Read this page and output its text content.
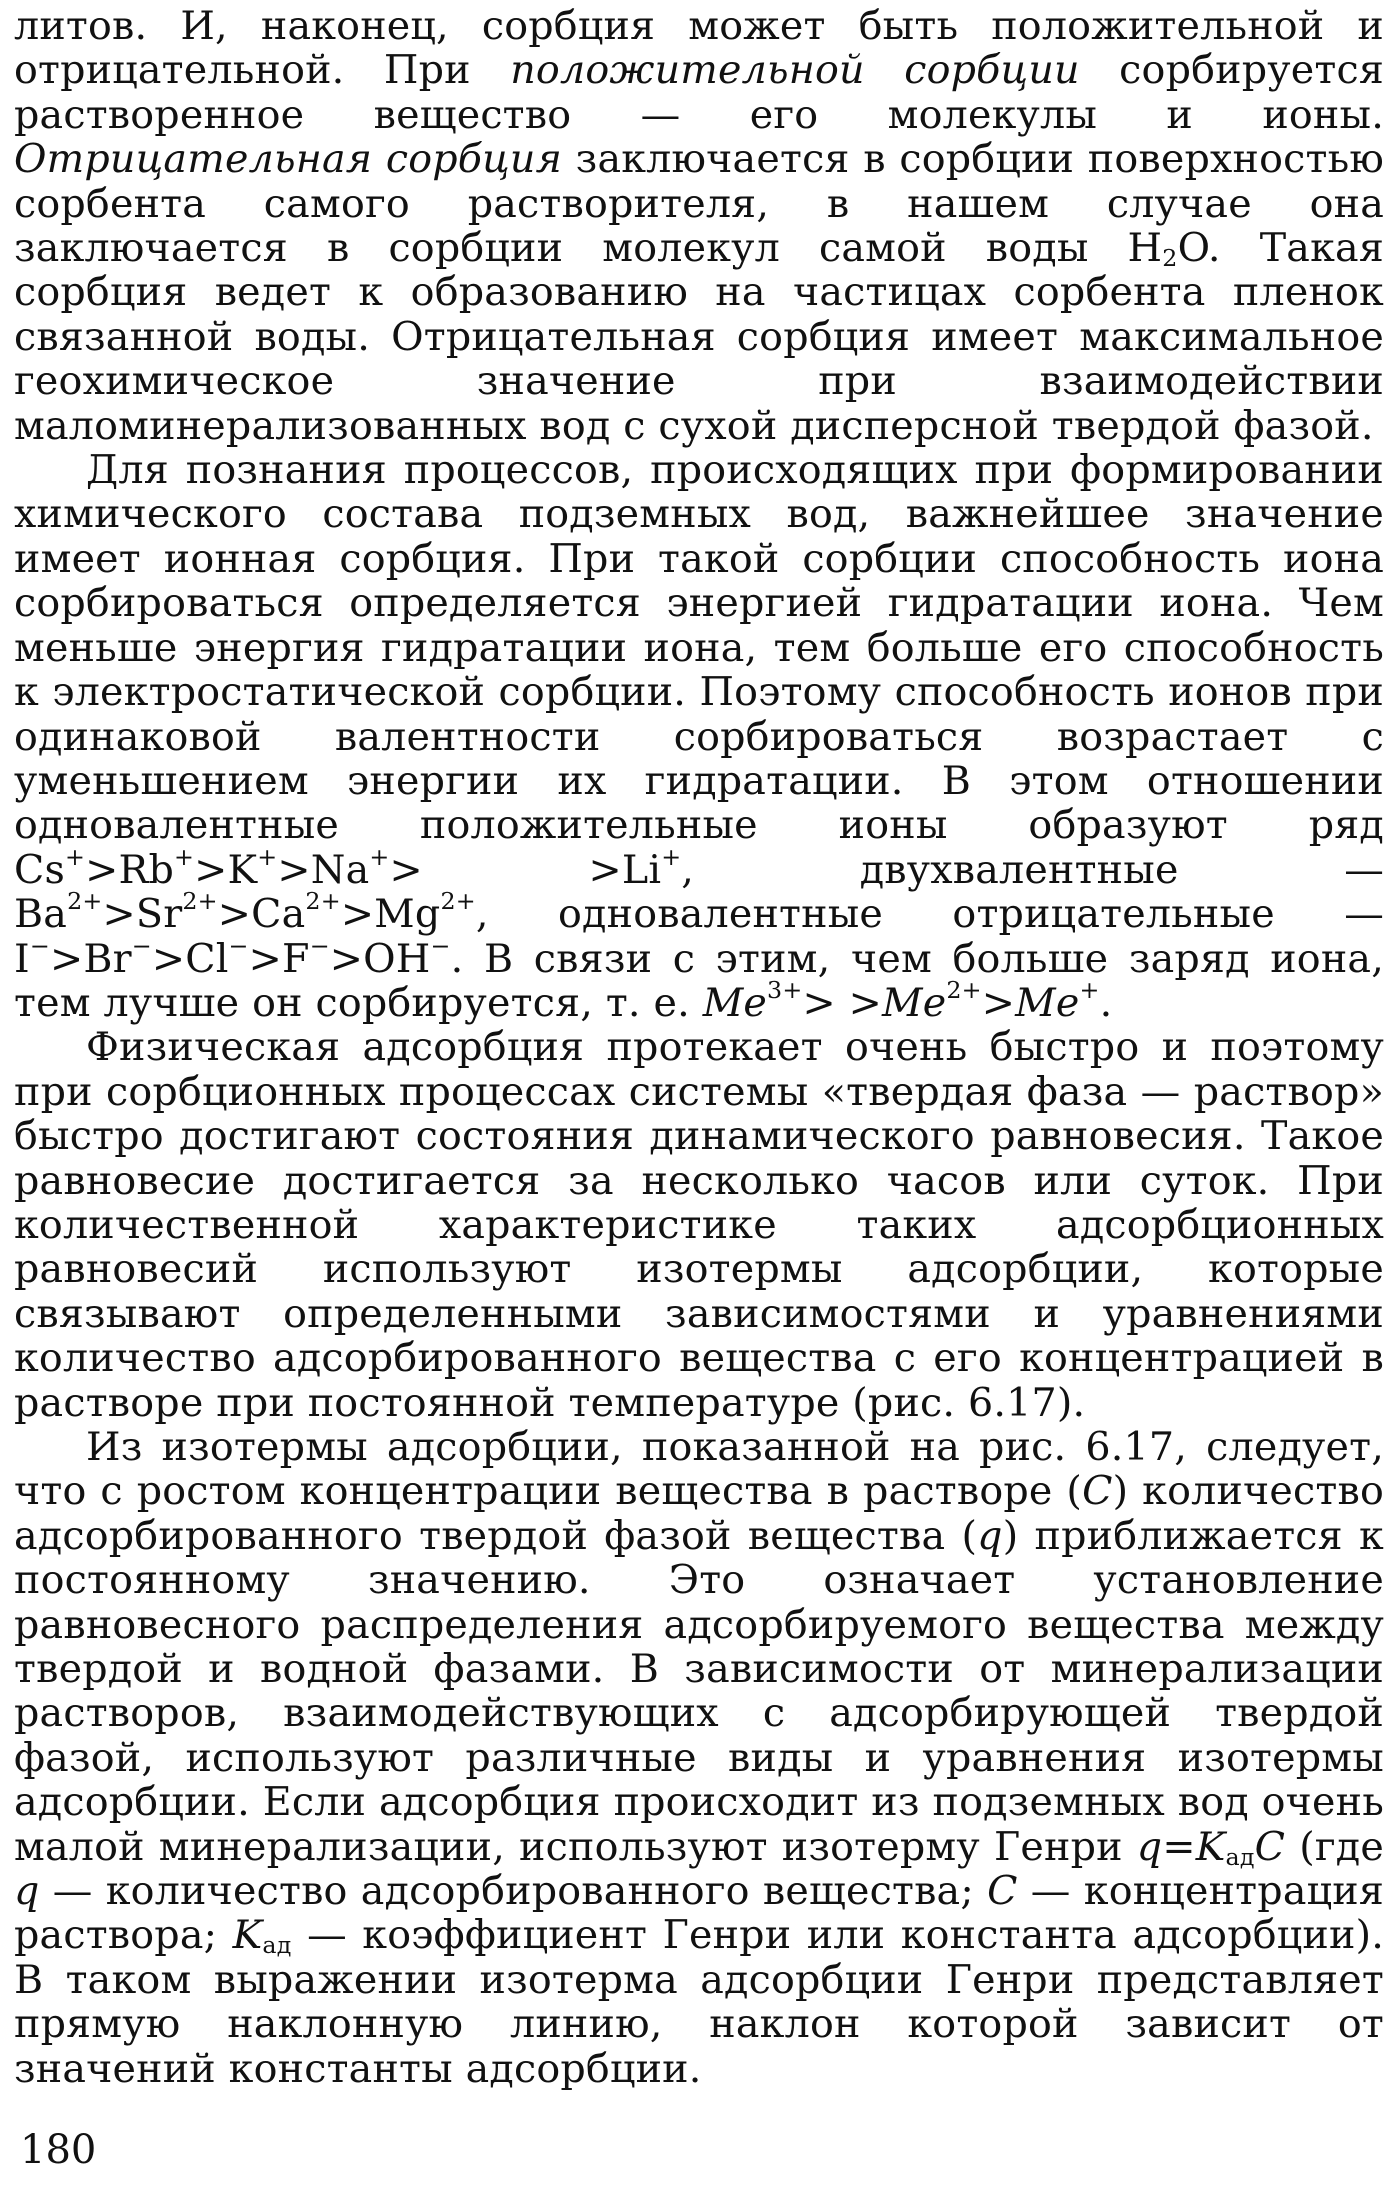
литов. И, наконец, сорбция может быть положительной и отрицательной. При положительной сорбции сорбируется растворенное вещество — его молекулы и ионы. Отрицательная сорбция заключается в сорбции поверхностью сорбента самого растворителя, в нашем случае она заключается в сорбции молекул самой воды $H_2O$. Такая сорбция ведет к образованию на частицах сорбента пленок связанной воды. Отрицательная сорбция имеет максимальное геохимическое значение при взаимодействии маломинерализованных вод с сухой дисперсной твердой фазой.

Для познания процессов, происходящих при формировании химического состава подземных вод, важнейшее значение имеет ионная сорбция. При такой сорбции способность иона сорбироваться определяется энергией гидратации иона. Чем меньше энергия гидратации иона, тем больше его способность к электростатической сорбции. Поэтому способность ионов при одинаковой валентности сорбироваться возрастает с уменьшением энергии их гидратации. В этом отношении одновалентные положительные ионы образуют ряд Cs+>Rb+>K+>Na+> >Li+, двухвалентные — $Ba^{2+}>Sr^{2+}>Ca^{2+}>Mg^{2+}$, одновалентные отрицательные — I−>Br−>Cl−>F−>OH−. В связи с этим, чем больше заряд иона, тем лучше он сорбируется, т. е. $Me^{3+}> >Me^{2+}>Me^+$.

Физическая адсорбция протекает очень быстро и поэтому при сорбционных процессах системы «твердая фаза — раствор» быстро достигают состояния динамического равновесия. Такое равновесие достигается за несколько часов или суток. При количественной характеристике таких адсорбционных равновесий используют изотермы адсорбции, которые связывают определенными зависимостями и уравнениями количество адсорбированного вещества с его концентрацией в растворе при постоянной температуре (рис. 6.17).

Из изотермы адсорбции, показанной на рис. 6.17, следует, что с ростом концентрации вещества в растворе (C) количество адсорбированного твердой фазой вещества (q) приближается к постоянному значению. Это означает установление равновесного распределения адсорбируемого вещества между твердой и водной фазами. В зависимости от минерализации растворов, взаимодействующих с адсорбирующей твердой фазой, используют различные виды и уравнения изотермы адсорбции. Если адсорбция происходит из подземных вод очень малой минерализации, используют изотерму Генри $q=K_{ад}C$ (где q — количество адсорбированного вещества; C — концентрация раствора; $K_{ад}$ — коэффициент Генри или константа адсорбции). В таком выражении изотерма адсорбции Генри представляет прямую наклонную линию, наклон которой зависит от значений константы адсорбции.

180
